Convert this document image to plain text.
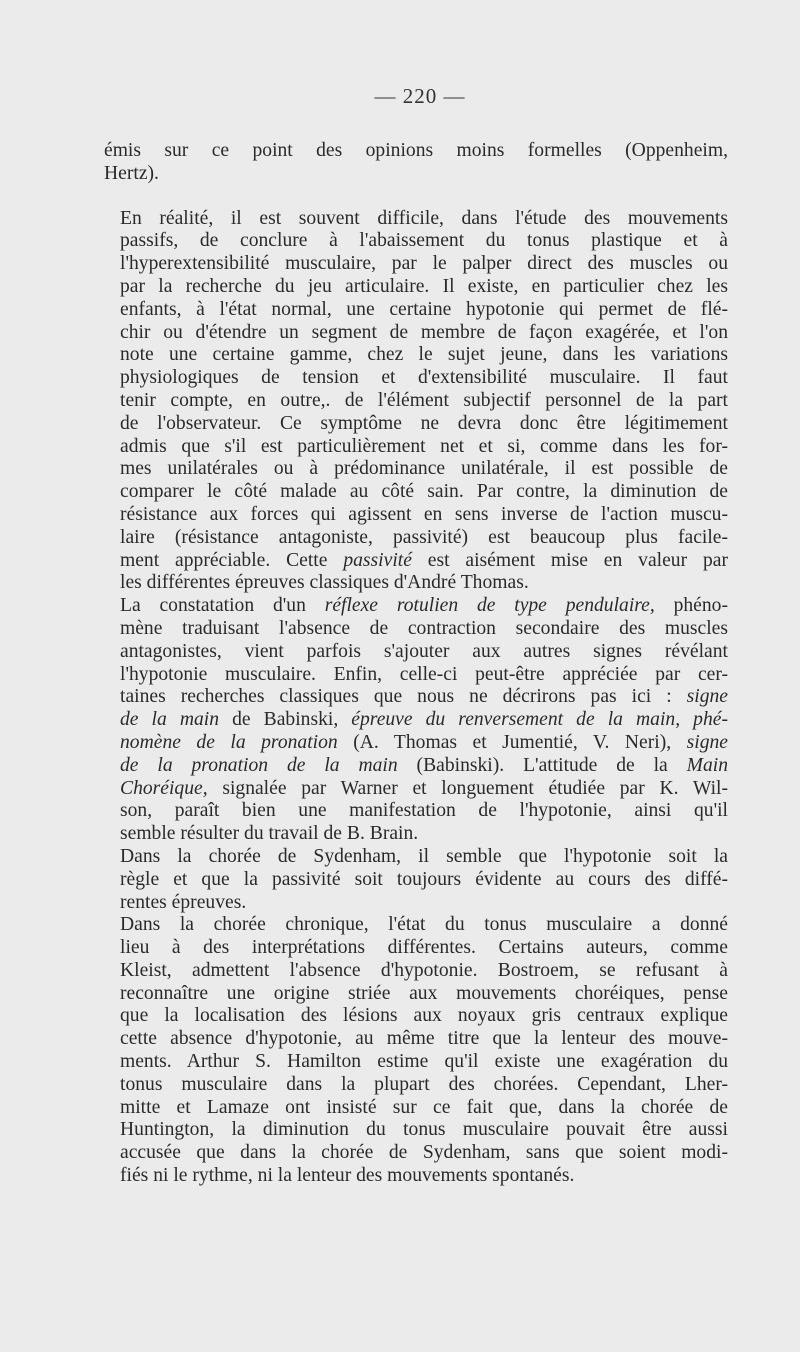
— 220 —

émis sur ce point des opinions moins formelles (Oppenheim,
Hertz).

En réalité, il est souvent difficile, dans l'étude des mouvements
passifs, de conclure à l'abaissement du tonus plastique et à
l'hyperextensibilité musculaire, par le palper direct des muscles ou
par la recherche du jeu articulaire. Il existe, en particulier chez les
enfants, à l'état normal, une certaine hypotonie qui permet de flé-
chir ou d'étendre un segment de membre de façon exagérée, et l'on
note une certaine gamme, chez le sujet jeune, dans les variations
physiologiques de tension et d'extensibilité musculaire. Il faut
tenir compte, en outre,. de l'élément subjectif personnel de la part
de l'observateur. Ce symptôme ne devra donc être légitimement
admis que s'il est particulièrement net et si, comme dans les for-
mes unilatérales ou à prédominance unilatérale, il est possible de
comparer le côté malade au côté sain. Par contre, la diminution de
résistance aux forces qui agissent en sens inverse de l'action muscu-
laire (résistance antagoniste, passivité) est beaucoup plus facile-
ment appréciable. Cette passivité est aisément mise en valeur par
les différentes épreuves classiques d'André Thomas.

La constatation d'un réflexe rotulien de type pendulaire, phéno-
mène traduisant l'absence de contraction secondaire des muscles
antagonistes, vient parfois s'ajouter aux autres signes révélant
l'hypotonie musculaire. Enfin, celle-ci peut-être appréciée par cer-
taines recherches classiques que nous ne décrirons pas ici : signe
de la main de Babinski, épreuve du renversement de la main, phé-
nomène de la pronation (A. Thomas et Jumentié, V. Neri), signe
de la pronation de la main (Babinski). L'attitude de la Main
Choréique, signalée par Warner et longuement étudiée par K. Wil-
son, paraît bien une manifestation de l'hypotonie, ainsi qu'il
semble résulter du travail de B. Brain.

Dans la chorée de Sydenham, il semble que l'hypotonie soit la
règle et que la passivité soit toujours évidente au cours des diffé-
rentes épreuves.

Dans la chorée chronique, l'état du tonus musculaire a donné
lieu à des interprétations différentes. Certains auteurs, comme
Kleist, admettent l'absence d'hypotonie. Bostroem, se refusant à
reconnaître une origine striée aux mouvements choréiques, pense
que la localisation des lésions aux noyaux gris centraux explique
cette absence d'hypotonie, au même titre que la lenteur des mouve-
ments. Arthur S. Hamilton estime qu'il existe une exagération du
tonus musculaire dans la plupart des chorées. Cependant, Lher-
mitte et Lamaze ont insisté sur ce fait que, dans la chorée de
Huntington, la diminution du tonus musculaire pouvait être aussi
accusée que dans la chorée de Sydenham, sans que soient modi-
fiés ni le rythme, ni la lenteur des mouvements spontanés.
